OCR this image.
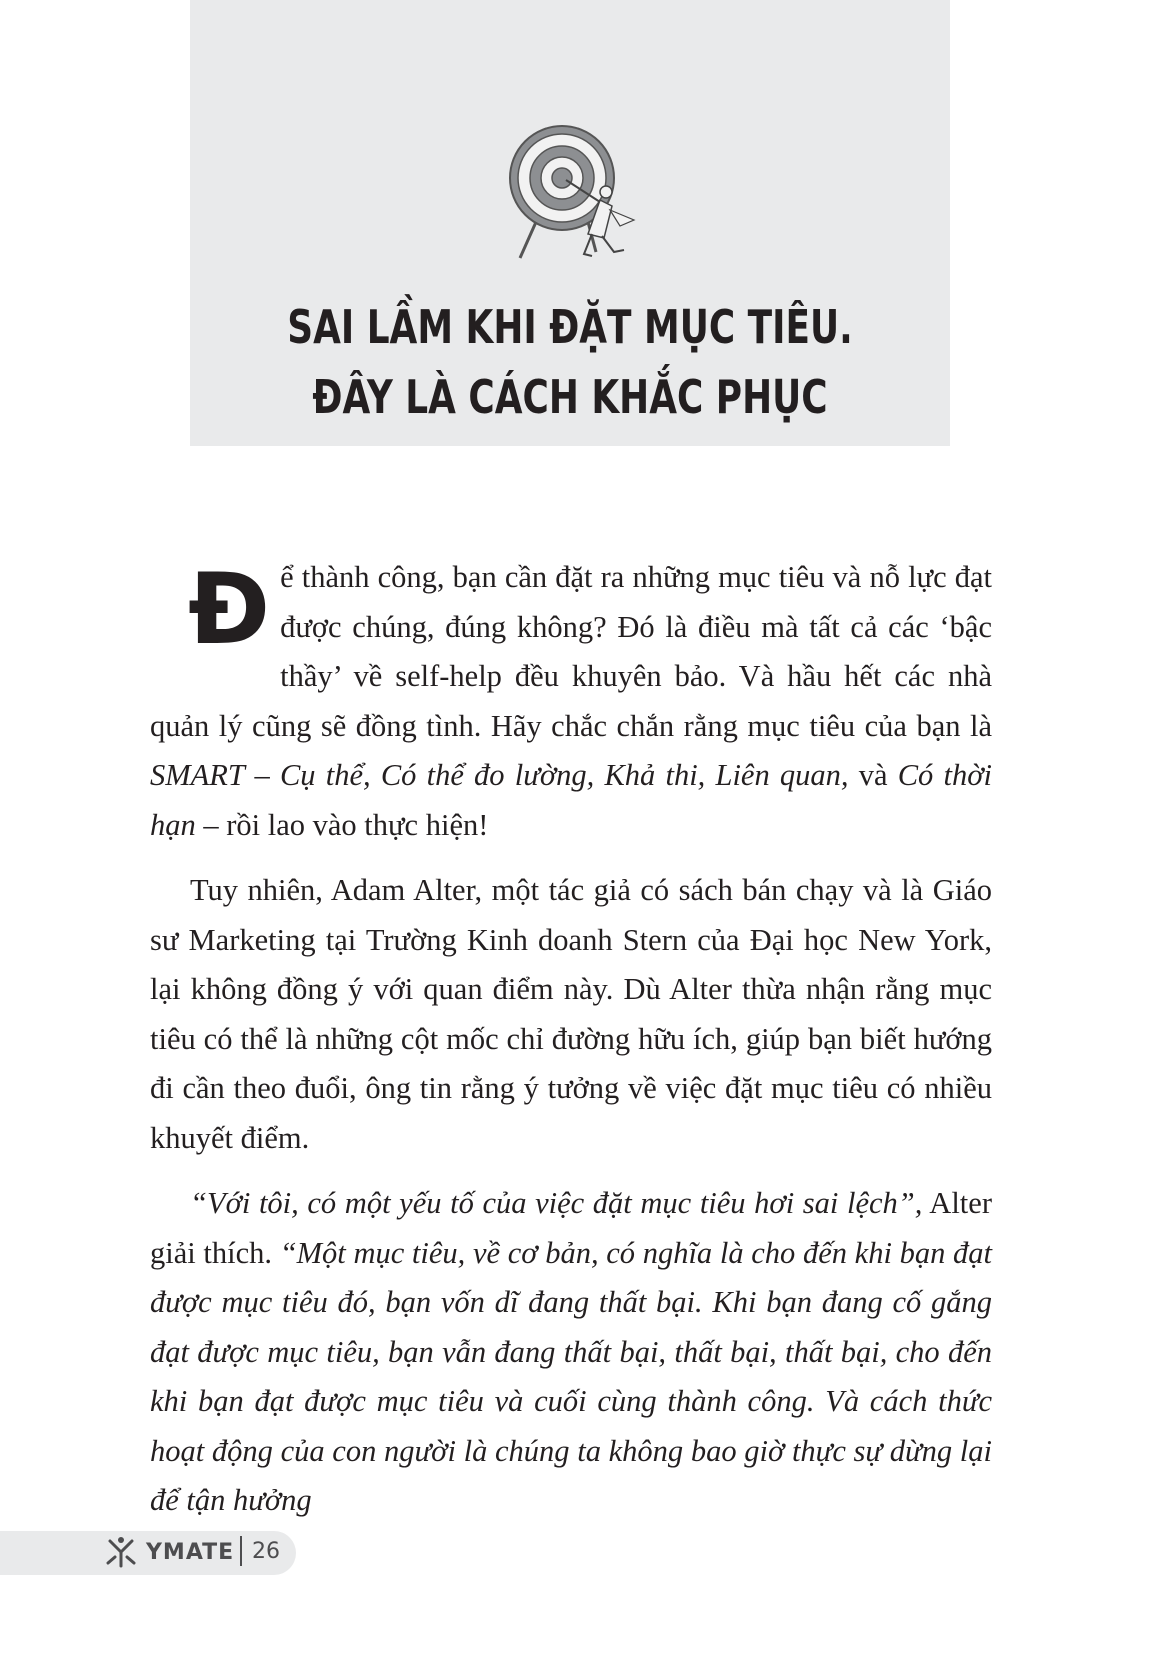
SAI LẦM KHI ĐẶT MỤC TIÊU.
ĐÂY LÀ CÁCH KHẮC PHỤC

Để thành công, bạn cần đặt ra những mục tiêu và nỗ lực đạt được chúng, đúng không? Đó là điều mà tất cả các ‘bậc thầy’ về self-help đều khuyên bảo. Và hầu hết các nhà quản lý cũng sẽ đồng tình. Hãy chắc chắn rằng mục tiêu của bạn là SMART – Cụ thể, Có thể đo lường, Khả thi, Liên quan, và Có thời hạn – rồi lao vào thực hiện!

Tuy nhiên, Adam Alter, một tác giả có sách bán chạy và là Giáo sư Marketing tại Trường Kinh doanh Stern của Đại học New York, lại không đồng ý với quan điểm này. Dù Alter thừa nhận rằng mục tiêu có thể là những cột mốc chỉ đường hữu ích, giúp bạn biết hướng đi cần theo đuổi, ông tin rằng ý tưởng về việc đặt mục tiêu có nhiều khuyết điểm.

“Với tôi, có một yếu tố của việc đặt mục tiêu hơi sai lệch”, Alter giải thích. “Một mục tiêu, về cơ bản, có nghĩa là cho đến khi bạn đạt được mục tiêu đó, bạn vốn dĩ đang thất bại. Khi bạn đang cố gắng đạt được mục tiêu, bạn vẫn đang thất bại, thất bại, thất bại, cho đến khi bạn đạt được mục tiêu và cuối cùng thành công. Và cách thức hoạt động của con người là chúng ta không bao giờ thực sự dừng lại để tận hưởng

YMATE 26
